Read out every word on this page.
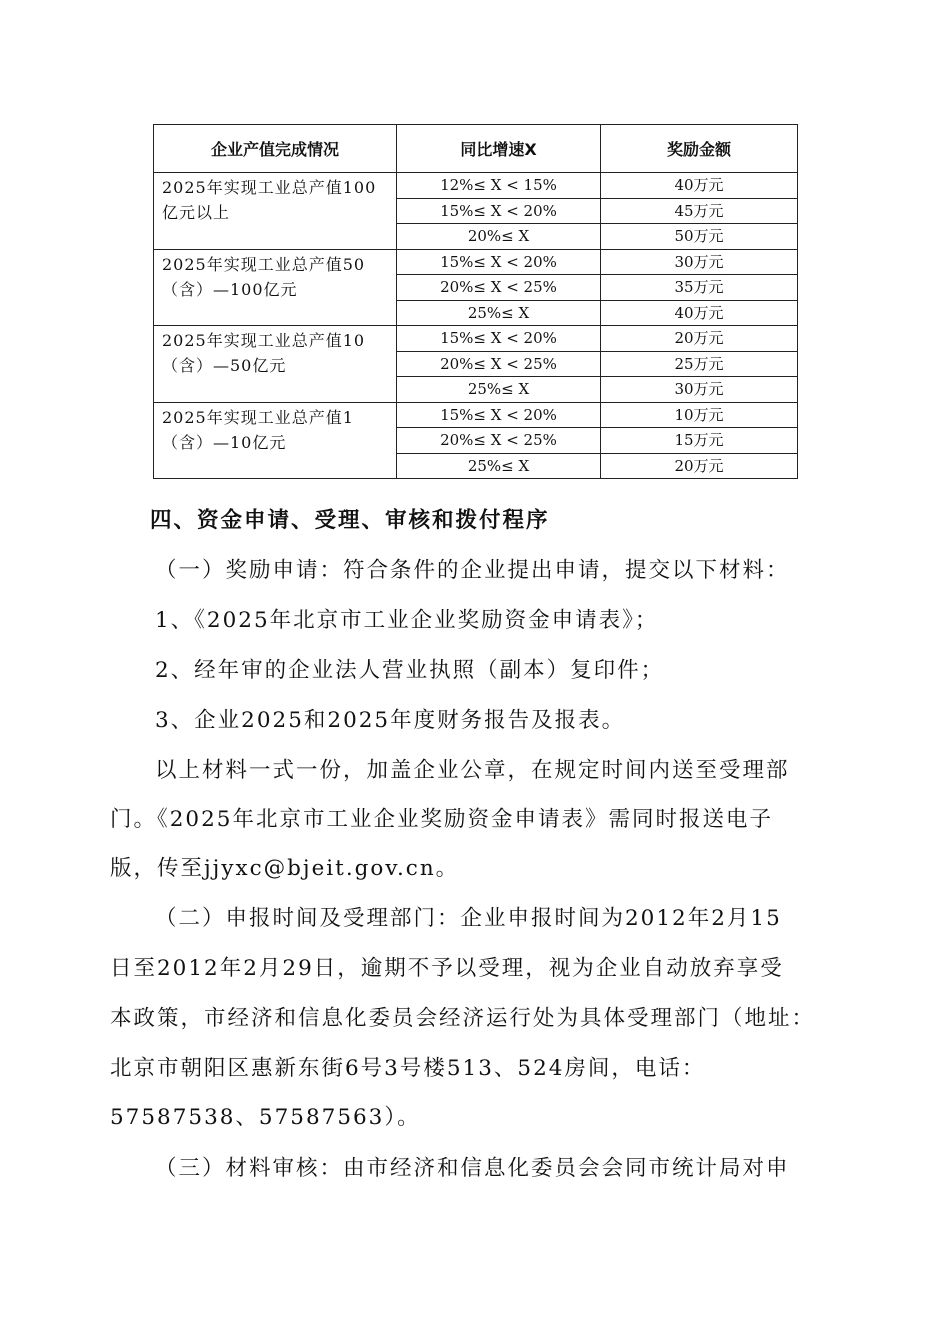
企业产值完成情况	同比增速X	奖励金额
2025年实现工业总产值100亿元以上	12%≤ X < 15%	40万元
	15%≤ X < 20%	45万元
	20%≤ X	50万元
2025年实现工业总产值50（含）—100亿元	15%≤ X < 20%	30万元
	20%≤ X < 25%	35万元
	25%≤ X	40万元
2025年实现工业总产值10（含）—50亿元	15%≤ X < 20%	20万元
	20%≤ X < 25%	25万元
	25%≤ X	30万元
2025年实现工业总产值1（含）—10亿元	15%≤ X < 20%	10万元
	20%≤ X < 25%	15万元
	25%≤ X	20万元
四、资金申请、受理、审核和拨付程序
（一）奖励申请：符合条件的企业提出申请，提交以下材料：
1、《2025年北京市工业企业奖励资金申请表》；
2、经年审的企业法人营业执照（副本）复印件；
3、企业2025和2025年度财务报告及报表。
以上材料一式一份，加盖企业公章，在规定时间内送至受理部
门。《2025年北京市工业企业奖励资金申请表》需同时报送电子
版，传至jjyxc@bjeit.gov.cn。
（二）申报时间及受理部门：企业申报时间为2012年2月15
日至2012年2月29日，逾期不予以受理，视为企业自动放弃享受
本政策，市经济和信息化委员会经济运行处为具体受理部门（地址：
北京市朝阳区惠新东街6号3号楼513、524房间，电话：
57587538、57587563）。
（三）材料审核：由市经济和信息化委员会会同市统计局对申
